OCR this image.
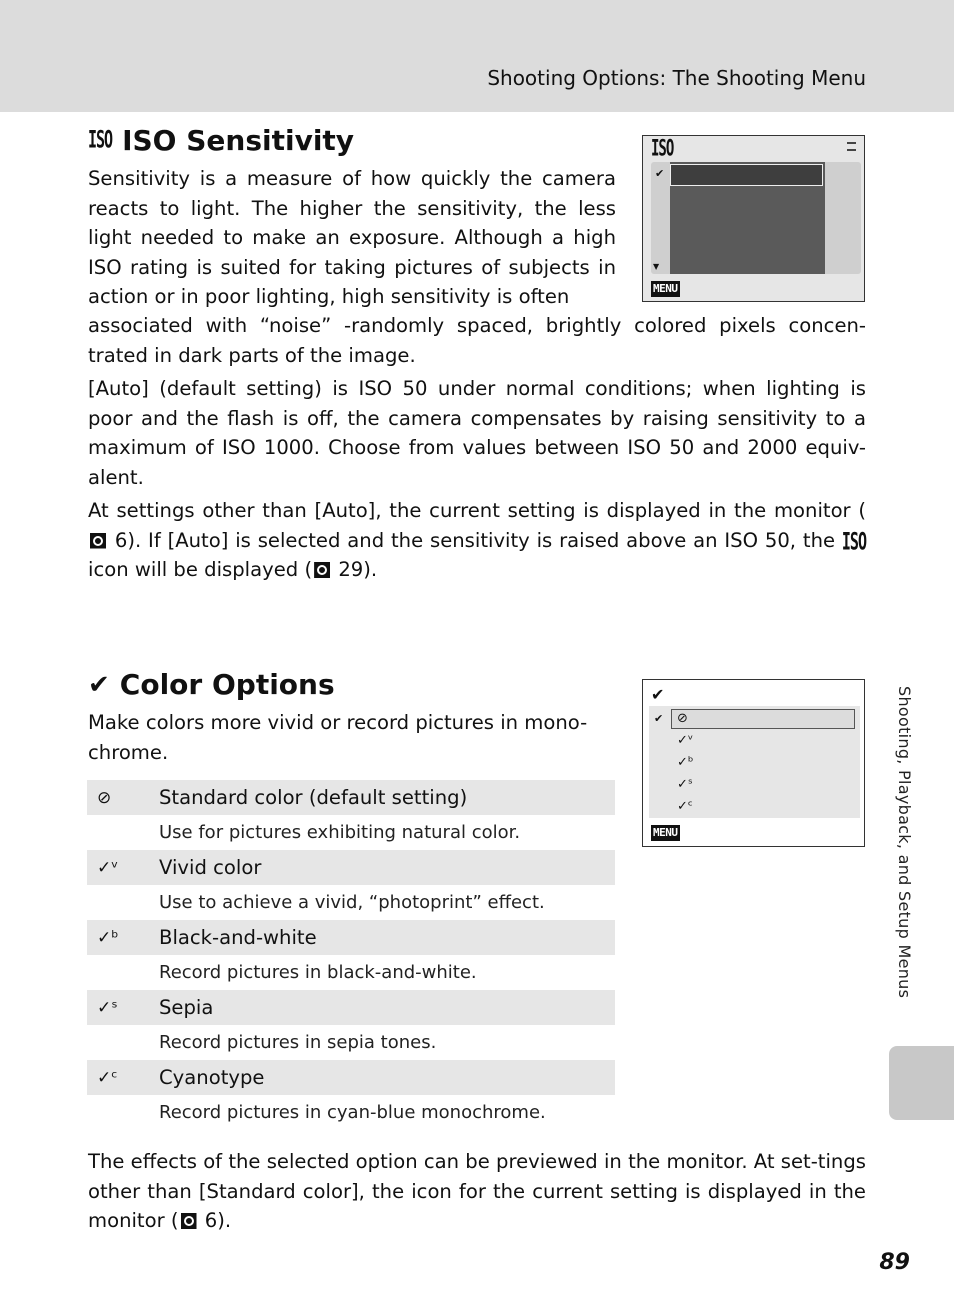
Shooting Options: The Shooting Menu
Shooting, Playback, and Setup Menus
89
ISO ISO Sensitivity

Sensitivity is a measure of how quickly the camera reacts to light. The higher the sensitivity, the less light needed to make an exposure. Although a high ISO rating is suited for taking pictures of subjects in action or in poor lighting, high sensitivity is often

associated with “noise” -randomly spaced, brightly colored pixels concen-trated in dark parts of the image.

[Auto] (default setting) is ISO 50 under normal conditions; when lighting is poor and the flash is off, the camera compensates by raising sensitivity to a maximum of ISO 1000. Choose from values between ISO 50 and 2000 equiv-alent.

At settings other than [Auto], the current setting is displayed in the monitor ( 6). If [Auto] is selected and the sensitivity is raised above an ISO 50, the ISO icon will be displayed ( 29).

ISO
✔
▼
MENU
✔ Color Options

Make colors more vivid or record pictures in mono-chrome.

✔
✔ ⊘
✓ᵛ
✓ᵇ
✓ˢ
✓ᶜ
MENU
⊘	Standard color (default setting)
Use for pictures exhibiting natural color.
✓ᵛ	Vivid color
Use to achieve a vivid, “photoprint” effect.
✓ᵇ	Black-and-white
Record pictures in black-and-white.
✓ˢ	Sepia
Record pictures in sepia tones.
✓ᶜ	Cyanotype
Record pictures in cyan-blue monochrome.

The effects of the selected option can be previewed in the monitor. At set-tings other than [Standard color], the icon for the current setting is displayed in the monitor ( 6).
